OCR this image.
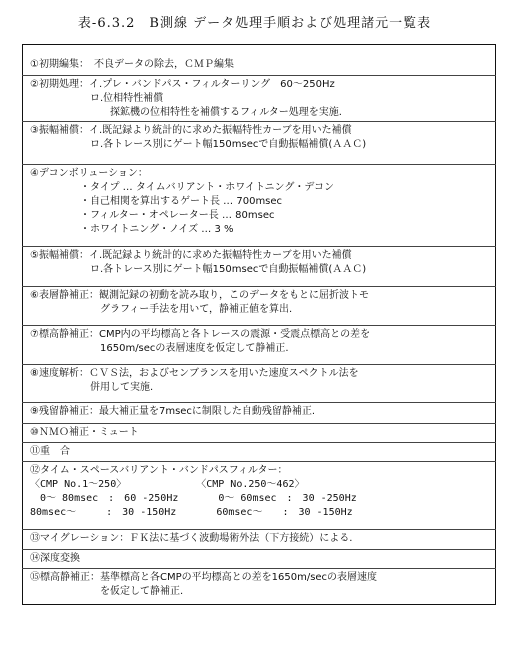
表-6.3.2　B測線 データ処理手順および処理諸元一覧表
①初期編集：　不良データの除去，ＣＭＰ編集
②初期処理：イ.プレ・バンドパス・フィルターリング　60～250Hz
　　　　　　ロ.位相特性補償
　　　　　　　　探鉱機の位相特性を補償するフィルター処理を実施.
③振幅補償：イ.既記録より統計的に求めた振幅特性カーブを用いた補償
　　　　　　ロ.各トレース別にゲート幅150msecで自動振幅補償(ＡＡＣ)
④デコンボリューション：
　　　　　・タイプ … タイムバリアント・ホワイトニング・デコン
　　　　　・自己相関を算出するゲート長 … 700msec
　　　　　・フィルター・オペレーター長 … 80msec
　　　　　・ホワイトニング・ノイズ … 3 %
⑤振幅補償：イ.既記録より統計的に求めた振幅特性カーブを用いた補償
　　　　　　ロ.各トレース別にゲート幅150msecで自動振幅補償(ＡＡＣ)
⑥表層静補正：観測記録の初動を読み取り，このデータをもとに屈折波トモ
　　　　　　　グラフィー手法を用いて，静補正値を算出.
⑦標高静補正：CMP内の平均標高と各トレースの震源・受震点標高との差を
　　　　　　　1650m/secの表層速度を仮定して静補正.
⑧速度解析：ＣＶＳ法，およびセンブランスを用いた速度スペクトル法を
　　　　　　併用して実施.
⑨残留静補正：最大補正量を7msecに制限した自動残留静補正.
⑩ＮＭＯ補正・ミュート
⑪重　合
⑫タイム・スペースバリアント・バンドパスフィルター：
〈CMP No.1～250〉　　　　　　　　〈CMP No.250～462〉
　0～ 80msec　:　60 -250Hz　　　　0～ 60msec　:　30 -250Hz
80msec～　　　:　30 -150Hz　　　　60msec～　　:　30 -150Hz
⑬マイグレーション：ＦＫ法に基づく波動場術外法（下方接続）による.
⑭深度変換
⑮標高静補正：基準標高と各CMPの平均標高との差を1650m/secの表層速度
　　　　　　　を仮定して静補正.
